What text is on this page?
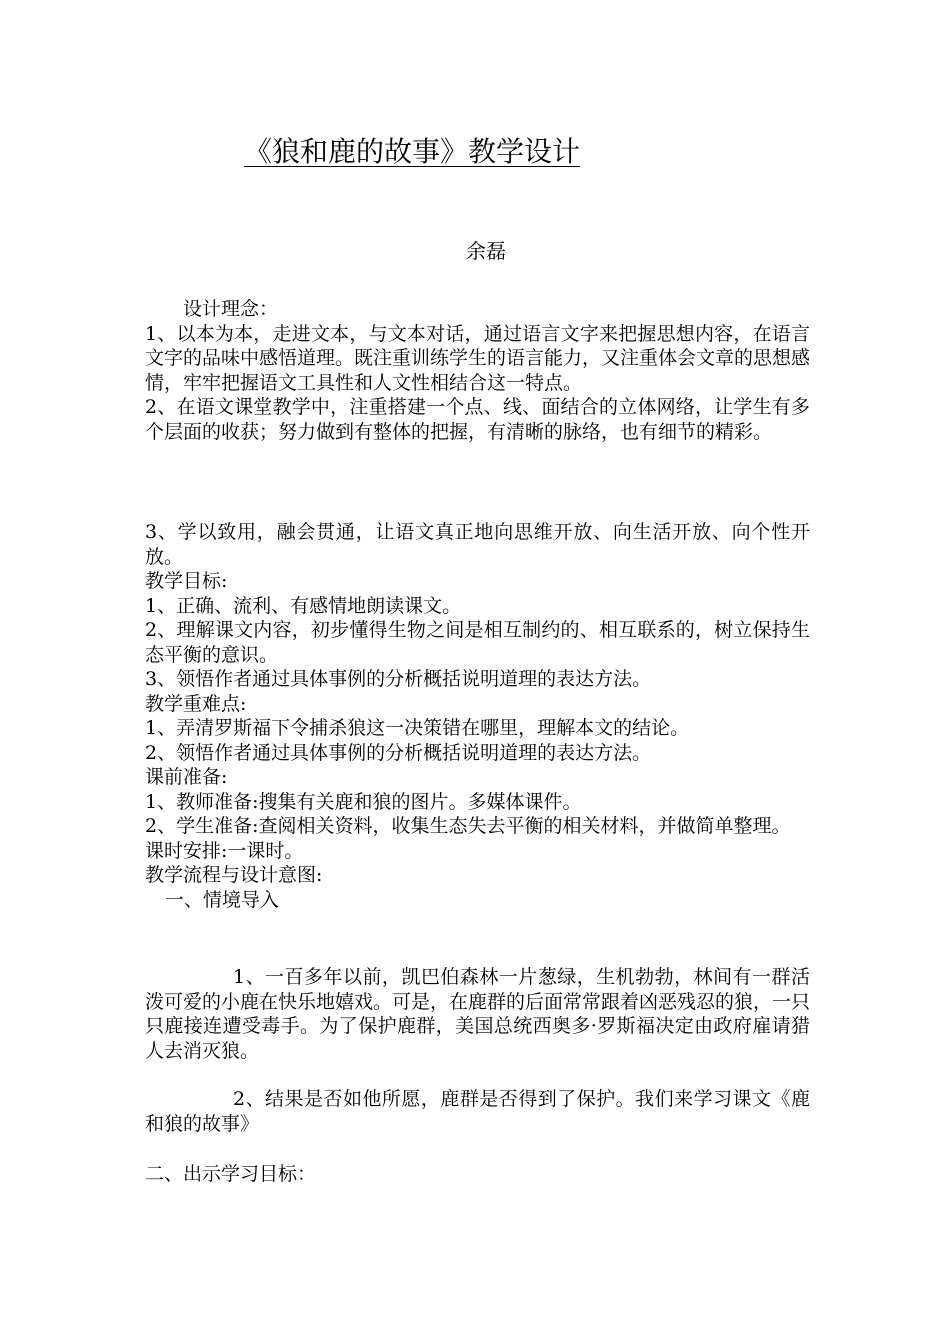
《狼和鹿的故事》教学设计

余磊

设计理念：

1、以本为本，走进文本，与文本对话，通过语言文字来把握思想内容，在语言文字的品味中感悟道理。既注重训练学生的语言能力，又注重体会文章的思想感情，牢牢把握语文工具性和人文性相结合这一特点。

2、在语文课堂教学中，注重搭建一个点、线、面结合的立体网络，让学生有多个层面的收获；努力做到有整体的把握，有清晰的脉络，也有细节的精彩。

3、学以致用，融会贯通，让语文真正地向思维开放、向生活开放、向个性开放。

教学目标:

1、正确、流利、有感情地朗读课文。

2、理解课文内容，初步懂得生物之间是相互制约的、相互联系的，树立保持生态平衡的意识。

3、领悟作者通过具体事例的分析概括说明道理的表达方法。

教学重难点:

1、弄清罗斯福下令捕杀狼这一决策错在哪里，理解本文的结论。

2、领悟作者通过具体事例的分析概括说明道理的表达方法。

课前准备:

1、教师准备:搜集有关鹿和狼的图片。多媒体课件。

2、学生准备:查阅相关资料，收集生态失去平衡的相关材料，并做简单整理。

课时安排:一课时。

教学流程与设计意图:

一、情境导入

1、一百多年以前，凯巴伯森林一片葱绿，生机勃勃，林间有一群活泼可爱的小鹿在快乐地嬉戏。可是，在鹿群的后面常常跟着凶恶残忍的狼，一只只鹿接连遭受毒手。为了保护鹿群，美国总统西奥多·罗斯福决定由政府雇请猎人去消灭狼。

2、结果是否如他所愿，鹿群是否得到了保护。我们来学习课文《鹿和狼的故事》

二、出示学习目标：
